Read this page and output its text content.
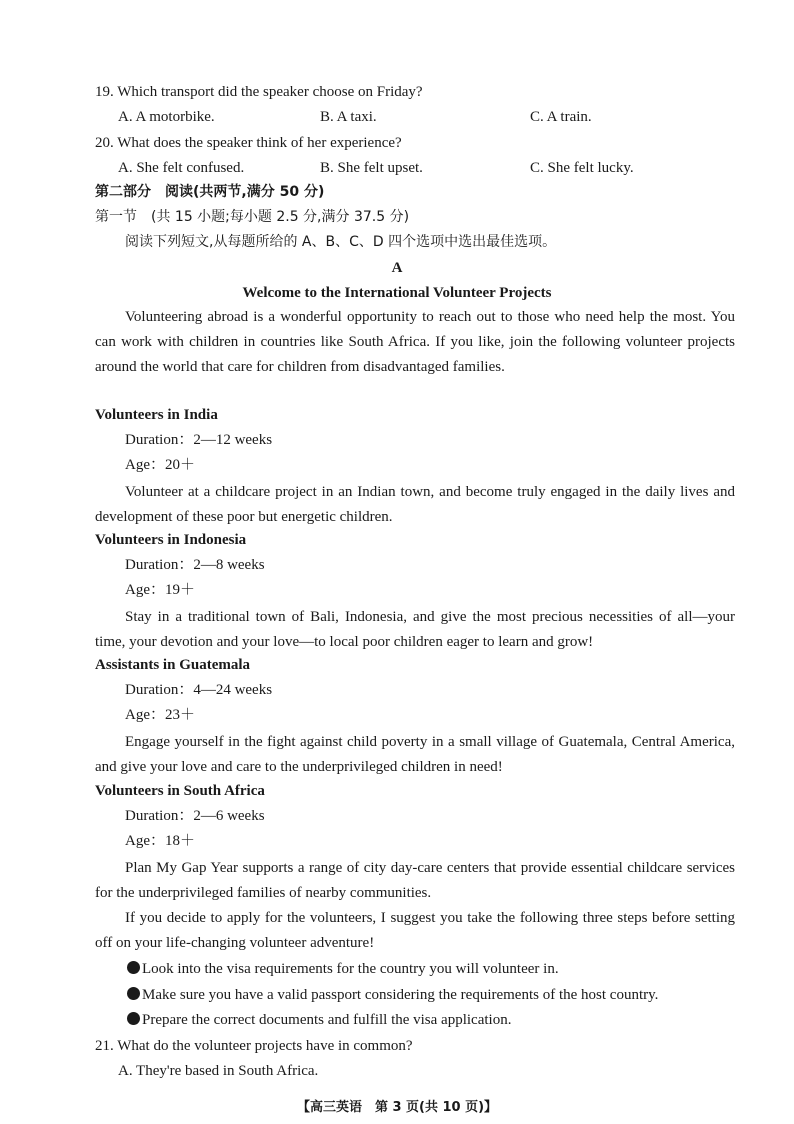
19. Which transport did the speaker choose on Friday?
A. A motorbike.	B. A taxi.	C. A train.
20. What does the speaker think of her experience?
A. She felt confused.	B. She felt upset.	C. She felt lucky.
第二部分　阅读(共两节,满分 50 分)
第一节　(共 15 小题;每小题 2.5 分,满分 37.5 分)
阅读下列短文,从每题所给的 A、B、C、D 四个选项中选出最佳选项。
A
Welcome to the International Volunteer Projects
Volunteering abroad is a wonderful opportunity to reach out to those who need help the most. You can work with children in countries like South Africa. If you like, join the following volunteer projects around the world that care for children from disadvantaged families.
Volunteers in India
Duration：2—12 weeks
Age：20＋
Volunteer at a childcare project in an Indian town, and become truly engaged in the daily lives and development of these poor but energetic children.
Volunteers in Indonesia
Duration：2—8 weeks
Age：19＋
Stay in a traditional town of Bali, Indonesia, and give the most precious necessities of all—your time, your devotion and your love—to local poor children eager to learn and grow!
Assistants in Guatemala
Duration：4—24 weeks
Age：23＋
Engage yourself in the fight against child poverty in a small village of Guatemala, Central America, and give your love and care to the underprivileged children in need!
Volunteers in South Africa
Duration：2—6 weeks
Age：18＋
Plan My Gap Year supports a range of city day-care centers that provide essential childcare services for the underprivileged families of nearby communities.
If you decide to apply for the volunteers, I suggest you take the following three steps before setting off on your life-changing volunteer adventure!
Look into the visa requirements for the country you will volunteer in.
Make sure you have a valid passport considering the requirements of the host country.
Prepare the correct documents and fulfill the visa application.
21. What do the volunteer projects have in common?
A. They're based in South Africa.
【高三英语　第 3 页(共 10 页)】
